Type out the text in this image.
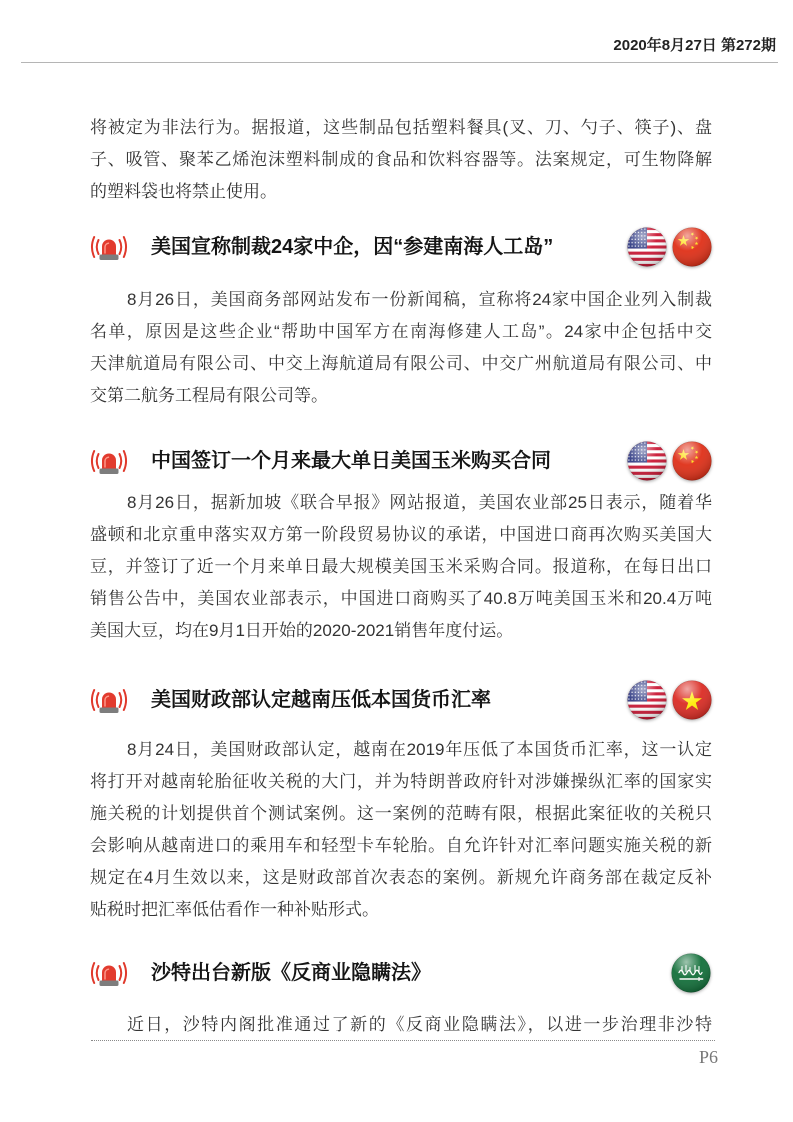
2020年8月27日 第272期
将被定为非法行为。据报道，这些制品包括塑料餐具(叉、刀、勺子、筷子)、盘
子、吸管、聚苯乙烯泡沫塑料制成的食品和饮料容器等。法案规定，可生物降解
的塑料袋也将禁止使用。
美国宣称制裁24家中企，因“参建南海人工岛”
8月26日，美国商务部网站发布一份新闻稿，宣称将24家中国企业列入制裁
名单，原因是这些企业“帮助中国军方在南海修建人工岛”。24家中企包括中交
天津航道局有限公司、中交上海航道局有限公司、中交广州航道局有限公司、中
交第二航务工程局有限公司等。
中国签订一个月来最大单日美国玉米购买合同
8月26日，据新加坡《联合早报》网站报道，美国农业部25日表示，随着华
盛顿和北京重申落实双方第一阶段贸易协议的承诺，中国进口商再次购买美国大
豆，并签订了近一个月来单日最大规模美国玉米采购合同。报道称，在每日出口
销售公告中，美国农业部表示，中国进口商购买了40.8万吨美国玉米和20.4万吨
美国大豆，均在9月1日开始的2020-2021销售年度付运。
美国财政部认定越南压低本国货币汇率
8月24日，美国财政部认定，越南在2019年压低了本国货币汇率，这一认定
将打开对越南轮胎征收关税的大门，并为特朗普政府针对涉嫌操纵汇率的国家实
施关税的计划提供首个测试案例。这一案例的范畴有限，根据此案征收的关税只
会影响从越南进口的乘用车和轻型卡车轮胎。自允许针对汇率问题实施关税的新
规定在4月生效以来，这是财政部首次表态的案例。新规允许商务部在裁定反补
贴税时把汇率低估看作一种补贴形式。
沙特出台新版《反商业隐瞒法》
近日，沙特内阁批准通过了新的《反商业隐瞒法》，以进一步治理非沙特
P6
